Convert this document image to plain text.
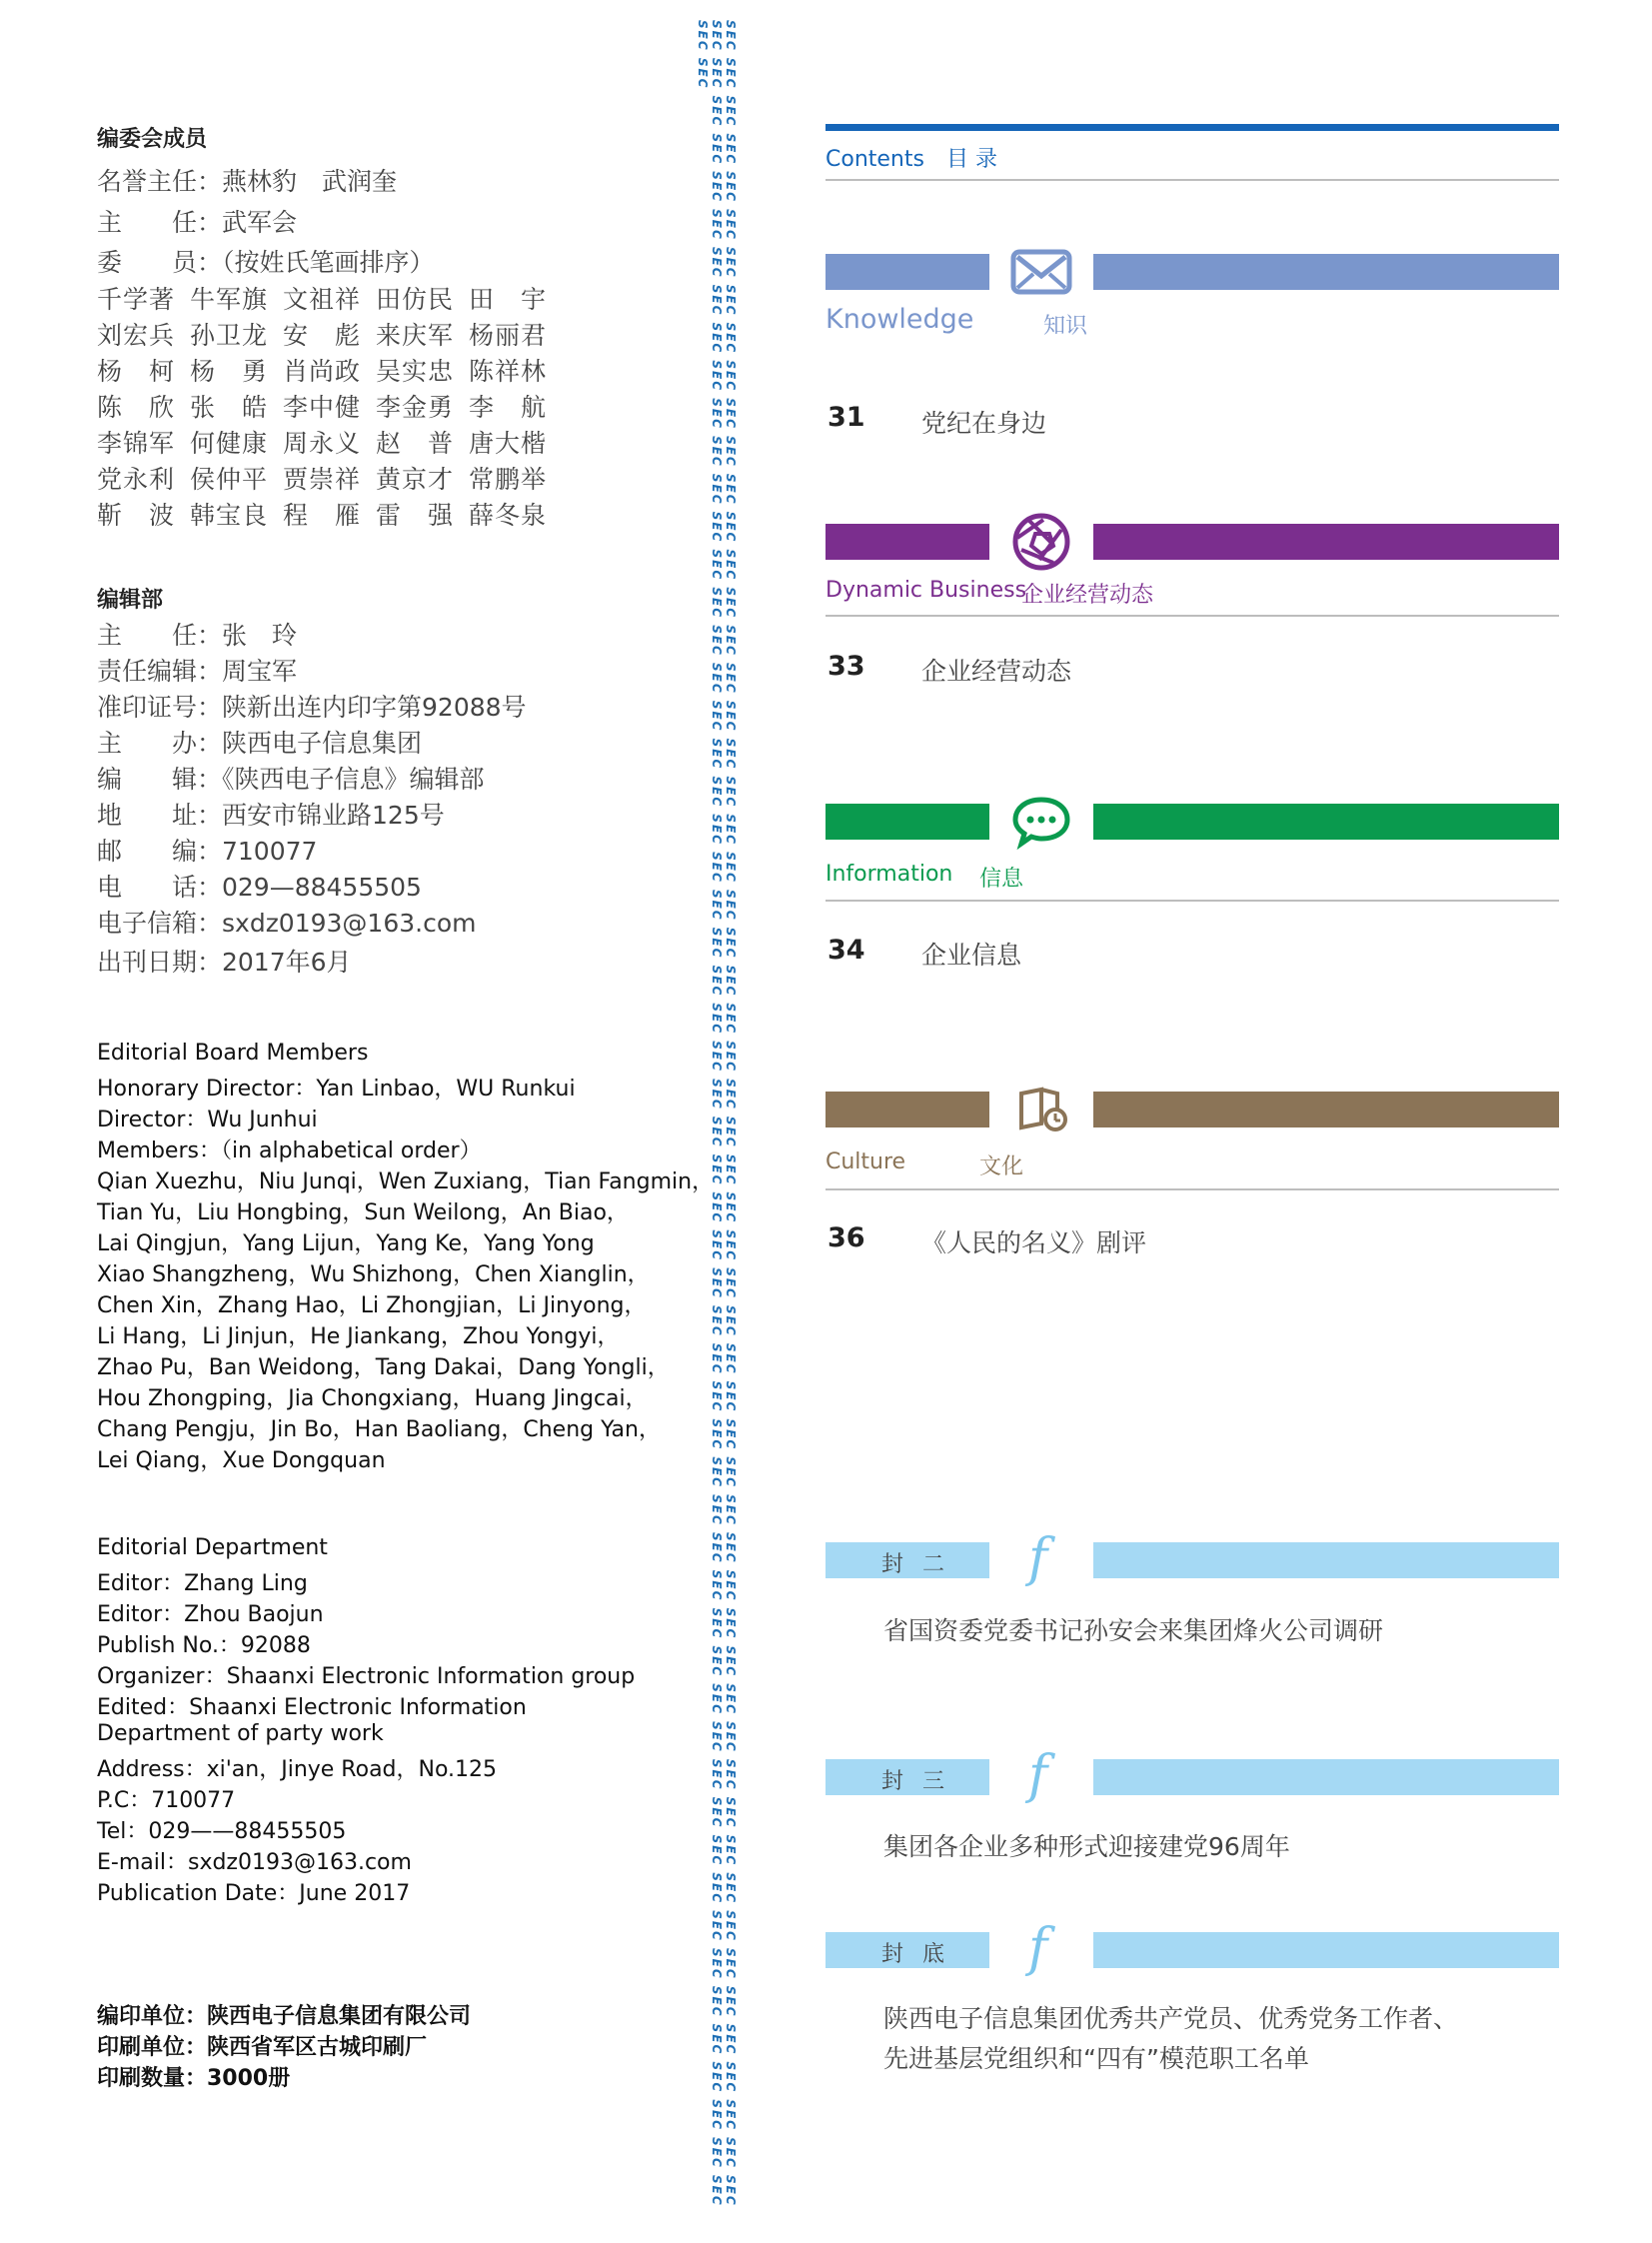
编委会成员
名誉主任：燕林豹　武润奎
主　　任：武军会
委　　员：（按姓氏笔画排序）
千学著 牛军旗 文祖祥 田仿民 田　宇
刘宏兵 孙卫龙 安　彪 来庆军 杨丽君
杨　柯 杨　勇 肖尚政 吴实忠 陈祥林
陈　欣 张　皓 李中健 李金勇 李　航
李锦军 何健康 周永义 赵　普 唐大楷
党永利 侯仲平 贾崇祥 黄京才 常鹏举
靳　波 韩宝良 程　雁 雷　强 薛冬泉
编辑部
主　　任：张　玲
责任编辑：周宝军
准印证号：陕新出连内印字第92088号
主　　办：陕西电子信息集团
编　　辑：《陕西电子信息》编辑部
地　　址：西安市锦业路125号
邮　　编：710077
电　　话：029—88455505
电子信箱：sxdz0193@163.com
出刊日期：2017年6月
Editorial Board Members
Honorary Director：Yan Linbao，WU Runkui
Director：Wu Junhui
Members：（in alphabetical order）
Qian Xuezhu，Niu Junqi，Wen Zuxiang，Tian Fangmin，
Tian Yu，Liu Hongbing，Sun Weilong，An Biao，
Lai Qingjun，Yang Lijun，Yang Ke，Yang Yong
Xiao Shangzheng，Wu Shizhong，Chen Xianglin，
Chen Xin，Zhang Hao，Li Zhongjian，Li Jinyong，
Li Hang，Li Jinjun，He Jiankang，Zhou Yongyi，
Zhao Pu，Ban Weidong，Tang Dakai，Dang Yongli，
Hou Zhongping，Jia Chongxiang，Huang Jingcai，
Chang Pengju，Jin Bo，Han Baoliang，Cheng Yan，
Lei Qiang，Xue Dongquan
Editorial Department
Editor：Zhang Ling
Editor：Zhou Baojun
Publish No.：92088
Organizer：Shaanxi Electronic Information group
Edited：Shaanxi Electronic Information
Department of party work
Address：xi'an，Jinye Road，No.125
P.C：710077
Tel：029——88455505
E-mail：sxdz0193@163.com
Publication Date：June 2017
编印单位：陕西电子信息集团有限公司
印刷单位：陕西省军区古城印刷厂
印刷数量：3000册	SEC SEC SEC SEC SEC SEC SEC SEC SEC SEC SEC SEC SEC SEC SEC SEC SEC SEC SEC SEC SEC SEC SEC SEC SEC SEC SEC SEC SEC SEC SEC SEC SEC SEC SEC SEC SEC SEC SEC SEC SEC SEC SEC SEC SEC SEC SEC SEC SEC SEC SEC SEC SEC SEC SEC SEC SEC SEC SEC SEC SEC SEC SEC SEC SEC SEC SEC SEC SEC SEC SEC SEC SEC SEC SEC SEC SEC SEC SEC SEC SEC SEC SEC SEC SEC SEC SEC SEC SEC SEC SEC SEC SEC SEC SEC SEC SEC SEC SEC SEC SEC SEC SEC SEC SEC SEC SEC SEC SEC SEC SEC SEC SEC SEC SEC SEC SEC SEC
Contents　目 录
Knowledge	知识
31 党纪在身边
Dynamic Business
企业经营动态
33 企业经营动态
Information 信息
34 企业信息
Culture	文化
36 《人民的名义》剧评
封 二 f
省国资委党委书记孙安会来集团烽火公司调研
封 三 f
集团各企业多种形式迎接建党96周年
封 底 f
陕西电子信息集团优秀共产党员、优秀党务工作者、
先进基层党组织和“四有”模范职工名单
